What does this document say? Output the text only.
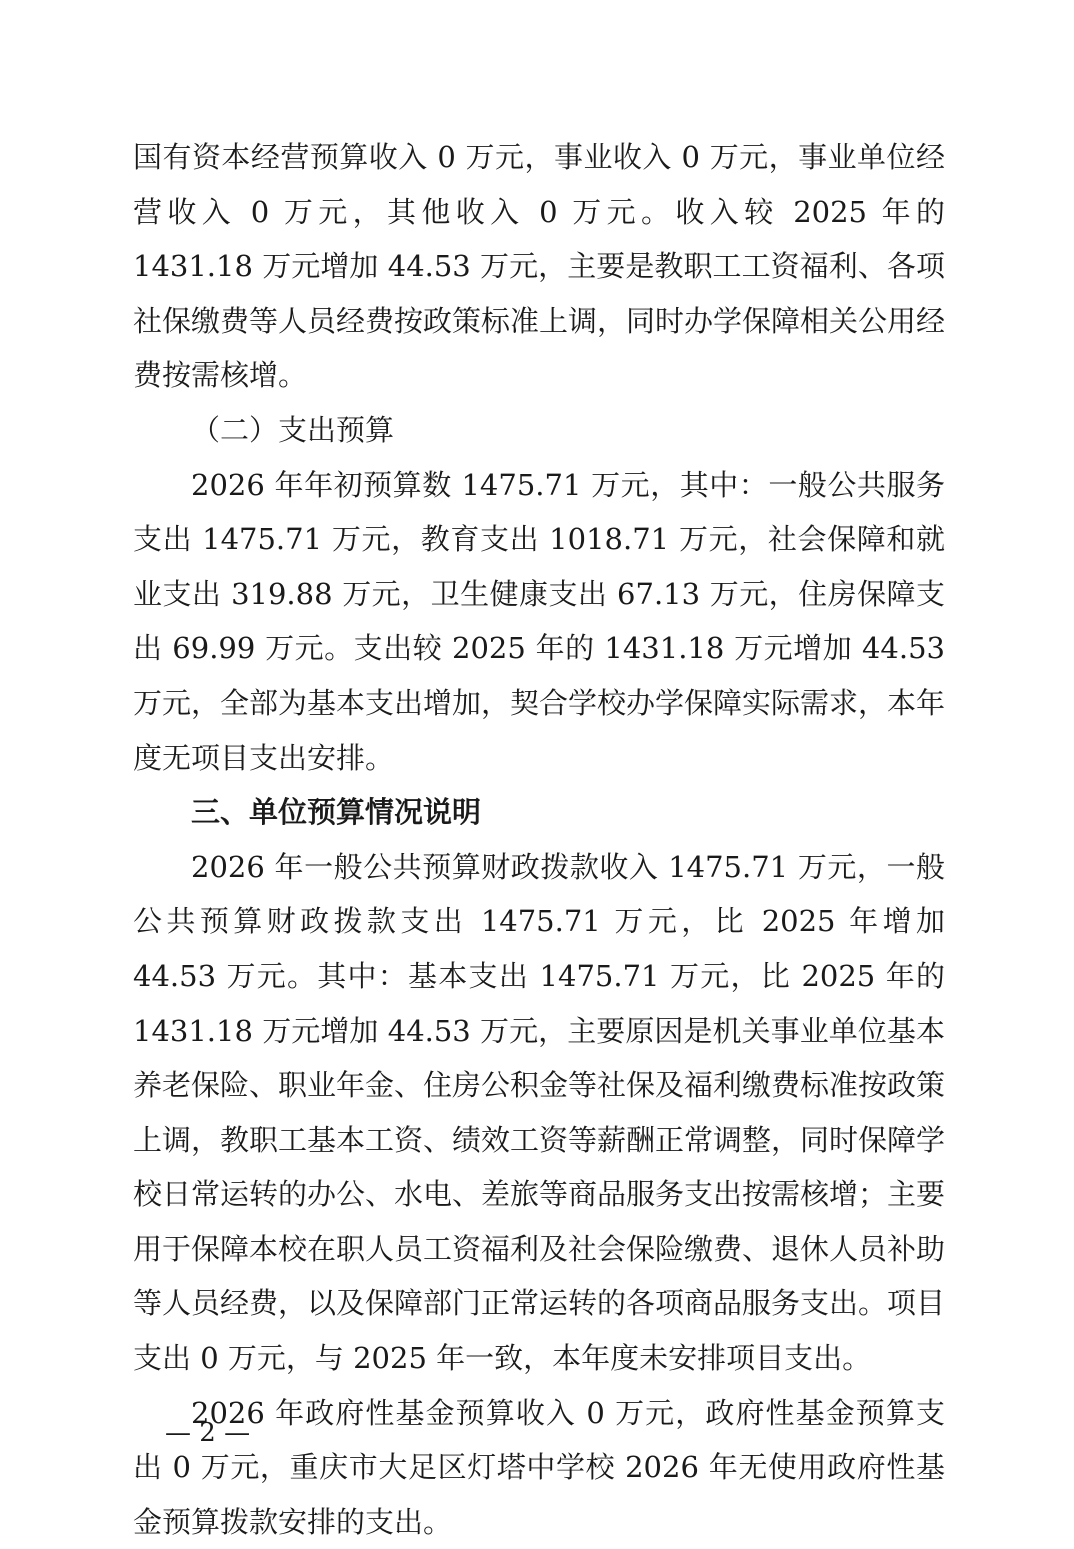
国有资本经营预算收入 0 万元，事业收入 0 万元，事业单位经营收入 0 万元，其他收入 0 万元。收入较 2025 年的 1431.18 万元增加 44.53 万元，主要是教职工工资福利、各项社保缴费等人员经费按政策标准上调，同时办学保障相关公用经费按需核增。

（二）支出预算

2026 年年初预算数 1475.71 万元，其中：一般公共服务支出 1475.71 万元，教育支出 1018.71 万元，社会保障和就业支出 319.88 万元，卫生健康支出 67.13 万元，住房保障支出 69.99 万元。支出较 2025 年的 1431.18 万元增加 44.53 万元，全部为基本支出增加，契合学校办学保障实际需求，本年度无项目支出安排。

三、单位预算情况说明

2026 年一般公共预算财政拨款收入 1475.71 万元，一般公共预算财政拨款支出 1475.71 万元，比 2025 年增加 44.53 万元。其中：基本支出 1475.71 万元，比 2025 年的 1431.18 万元增加 44.53 万元，主要原因是机关事业单位基本养老保险、职业年金、住房公积金等社保及福利缴费标准按政策上调，教职工基本工资、绩效工资等薪酬正常调整，同时保障学校日常运转的办公、水电、差旅等商品服务支出按需核增；主要用于保障本校在职人员工资福利及社会保险缴费、退休人员补助等人员经费，以及保障部门正常运转的各项商品服务支出。项目支出 0 万元，与 2025 年一致，本年度未安排项目支出。

2026 年政府性基金预算收入 0 万元，政府性基金预算支出 0 万元，重庆市大足区灯塔中学校 2026 年无使用政府性基金预算拨款安排的支出。

— 2 —
